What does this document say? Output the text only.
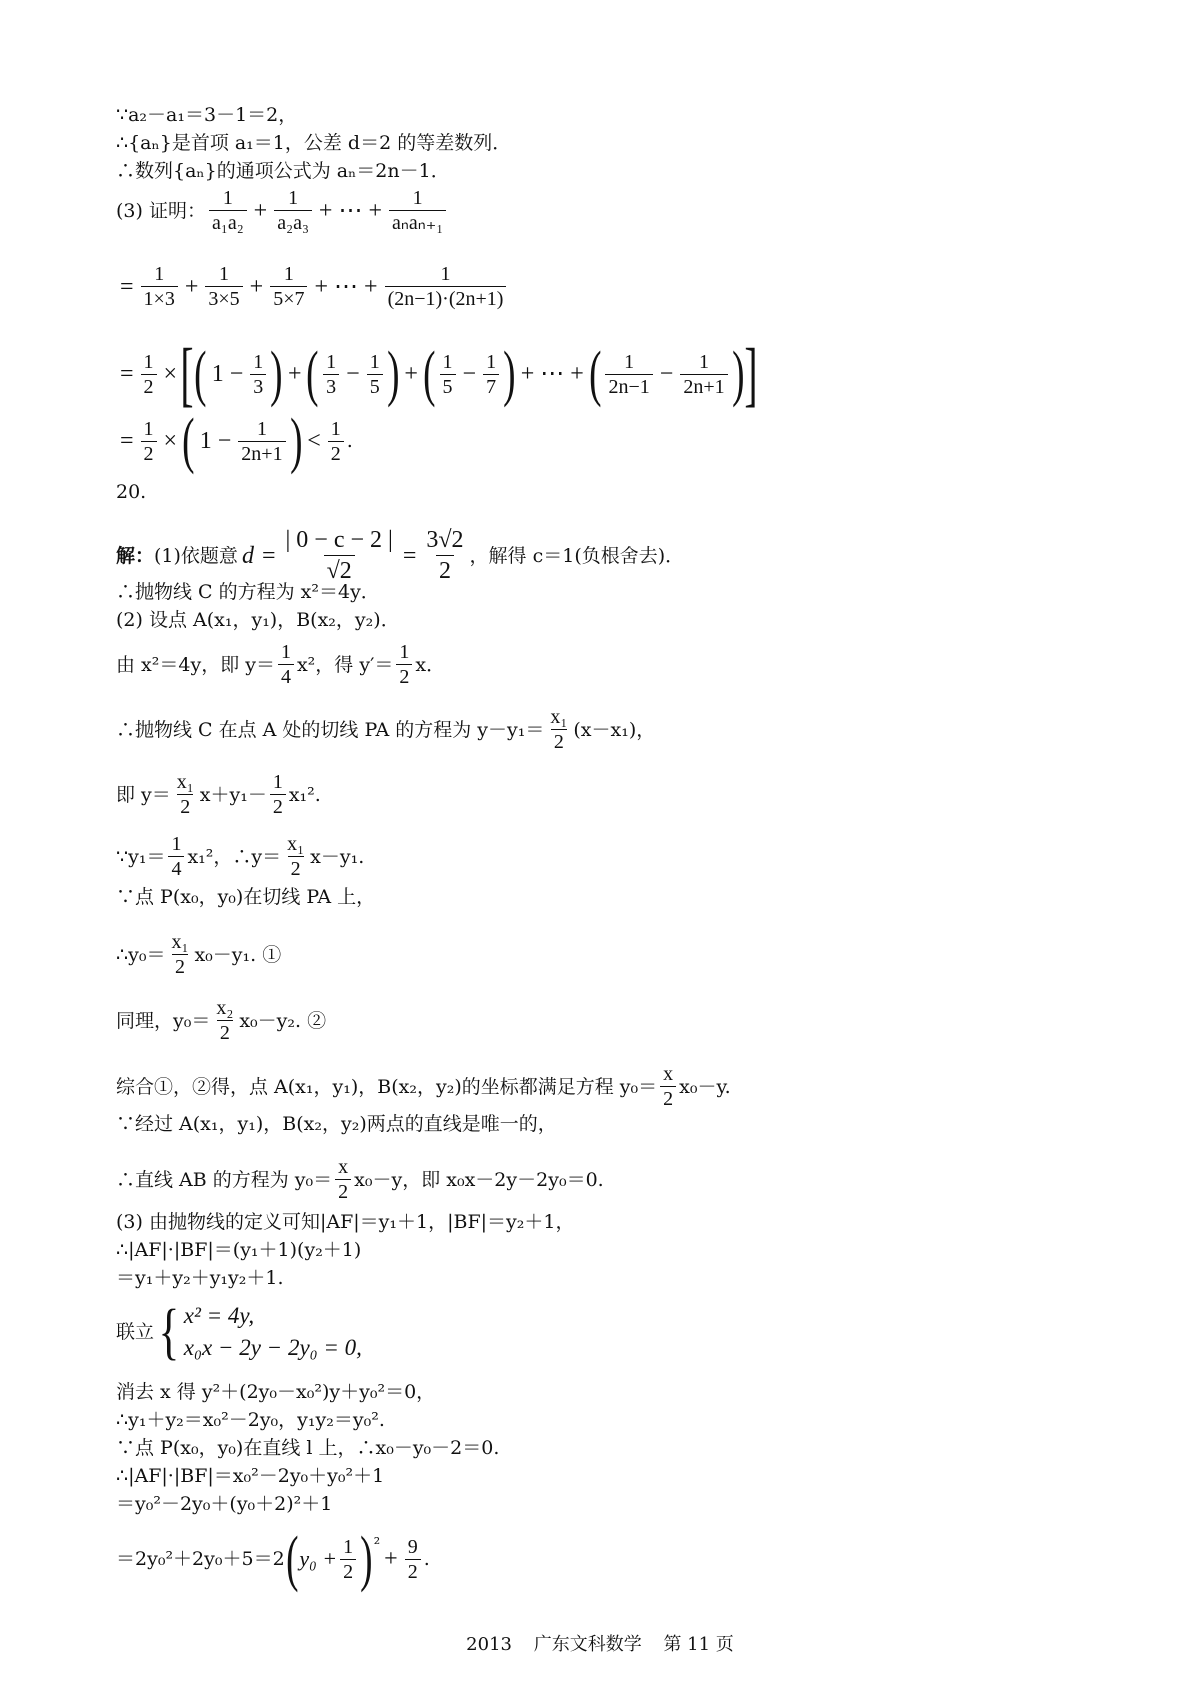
∵a₂－a₁＝3－1＝2，
∴{aₙ}是首项 a₁＝1，公差 d＝2 的等差数列．
∴数列{aₙ}的通项公式为 aₙ＝2n－1．
(3) 证明：
1
$a_1a_2 + \frac{1}{\text{a₂a₃}}$ + ⋯ + 1
aₙaₙ₊₁
= $\frac{1}{1\times 3} + \frac{1}{3\times 5} + \frac{1}{5\times 7}$ + ⋯ + $\frac{1}{(2n-1)\cdot(2n+1)}$
= $\frac{1}{2}$ × [ ( $1 - \frac{1}{3}$ ) + ( 1
$3 - \frac{1}{5}$ ) + ( 1
$5 - \frac{1}{7}$ ) + ⋯ + ( 1
$2n-1 - \frac{1}{2n+1}$ ) ]
= $\frac{1}{2}$ × ( $1 - \frac{1}{2n+1}$ ) < 1
2
.
20.
解： (1)依题意 $d = \frac{| 0 - c - 2 |}{√2} = \frac{3√2}{2}$ ，解得 c＝1(负根舍去)．
∴抛物线 C 的方程为 x²＝4y．
(2) 设点 A(x₁，y₁)，B(x₂，y₂)．
由 x²＝4y，即 y＝
1
4
x²，得 y′＝
1
2
x．
∴抛物线 C 在点 A 处的切线 PA 的方程为 y－y₁＝
x₁
2
(x－x₁)，
即 y＝
x₁
2
x＋y₁－
1
2
x₁².
∵y₁＝
1
4
x₁²，∴y＝
x₁
2
x－y₁.
∵点 P(x₀，y₀)在切线 PA 上，
∴y₀＝
x₁
2
x₀－y₁. ①
同理，y₀＝
x₂
2
x₀－y₂. ②
综合①，②得，点 A(x₁，y₁)，B(x₂，y₂)的坐标都满足方程 y₀＝
x
2
x₀－y.
∵经过 A(x₁，y₁)，B(x₂，y₂)两点的直线是唯一的，
∴直线 AB 的方程为 y₀＝
x
2
x₀－y，即 x₀x－2y－2y₀＝0.
(3) 由抛物线的定义可知|AF|＝y₁＋1，|BF|＝y₂＋1，
∴|AF|·|BF|＝(y₁＋1)(y₂＋1)
＝y₁＋y₂＋y₁y₂＋1.
联立 { x² = 4y,
x₀x − 2y − 2y₀ = 0,
消去 x 得 y²＋(2y₀－x₀²)y＋y₀²＝0，
∴y₁＋y₂＝x₀²－2y₀，y₁y₂＝y₀².
∵点 P(x₀，y₀)在直线 l 上，∴x₀－y₀－2＝0.
∴|AF|·|BF|＝x₀²－2y₀＋y₀²＋1
＝y₀²－2y₀＋(y₀＋2)²＋1
＝2y₀²＋2y₀＋5＝2 ( $y_0 + \frac{1}{2}$ ) ²
+ $\frac{9}{2}$ .
2013 广东文科数学 第 11 页
